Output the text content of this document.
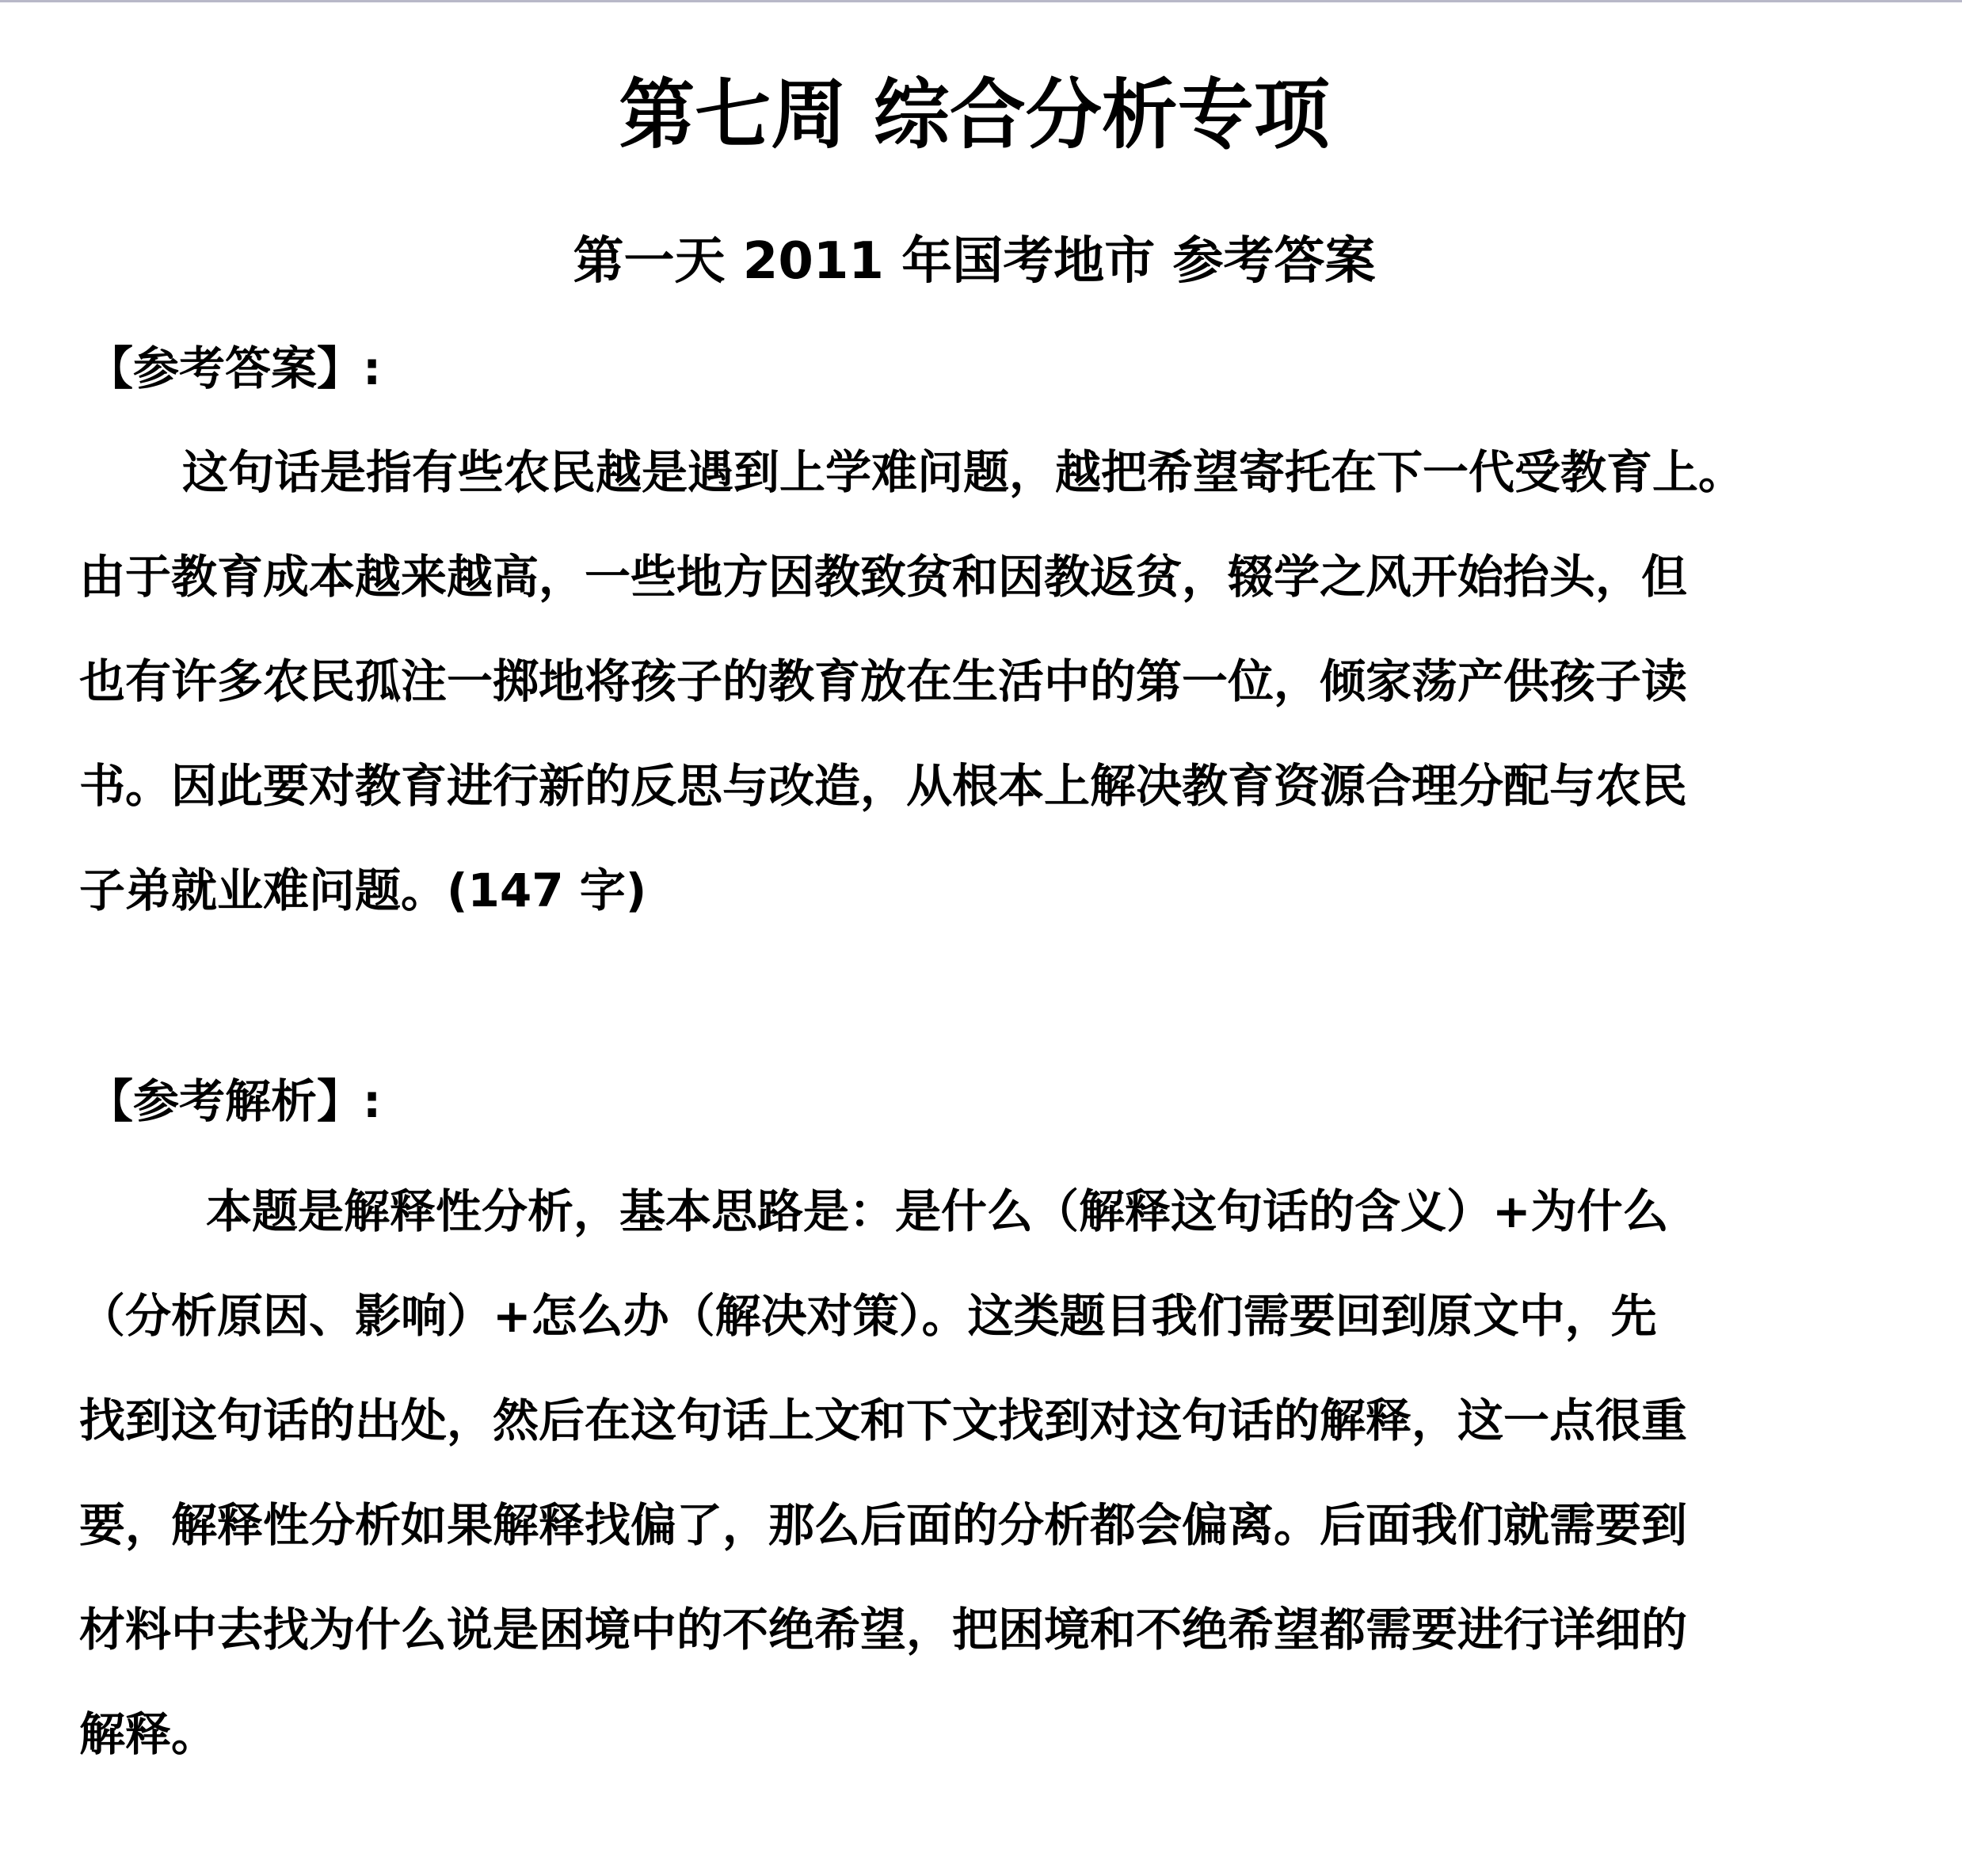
第七周 综合分析专项
第一天 2011 年国考地市 参考答案
【参考答案】:
这句话是指有些农民越是遇到上学难问题，越把希望寄托在下一代受教育上。
由于教育成本越来越高，一些地方因教致贫和因教返贫，辍学之风开始抬头，但
也有许多农民孤注一掷地将孩子的教育放在生活中的第一位，倾家荡产供孩子读
书。因此要对教育进行新的反思与改造，从根本上解决教育资源合理分配与农民
子弟就业难问题。(147 字)
【参考解析】:
本题是解释性分析，基本思路是：是什么（解释这句话的含义）+为什么
（分析原因、影响）+怎么办（解决对策）。这类题目我们需要回到原文中，先
找到这句话的出处，然后在这句话上文和下文找到对这句话的解释，这一点很重
要，解释性分析如果解释找偏了，那么后面的分析都会偏离。后面我们就需要到
材料中去找为什么说是困境中的不绝希望，把困境和不绝希望都需要进行详细的
解释。
